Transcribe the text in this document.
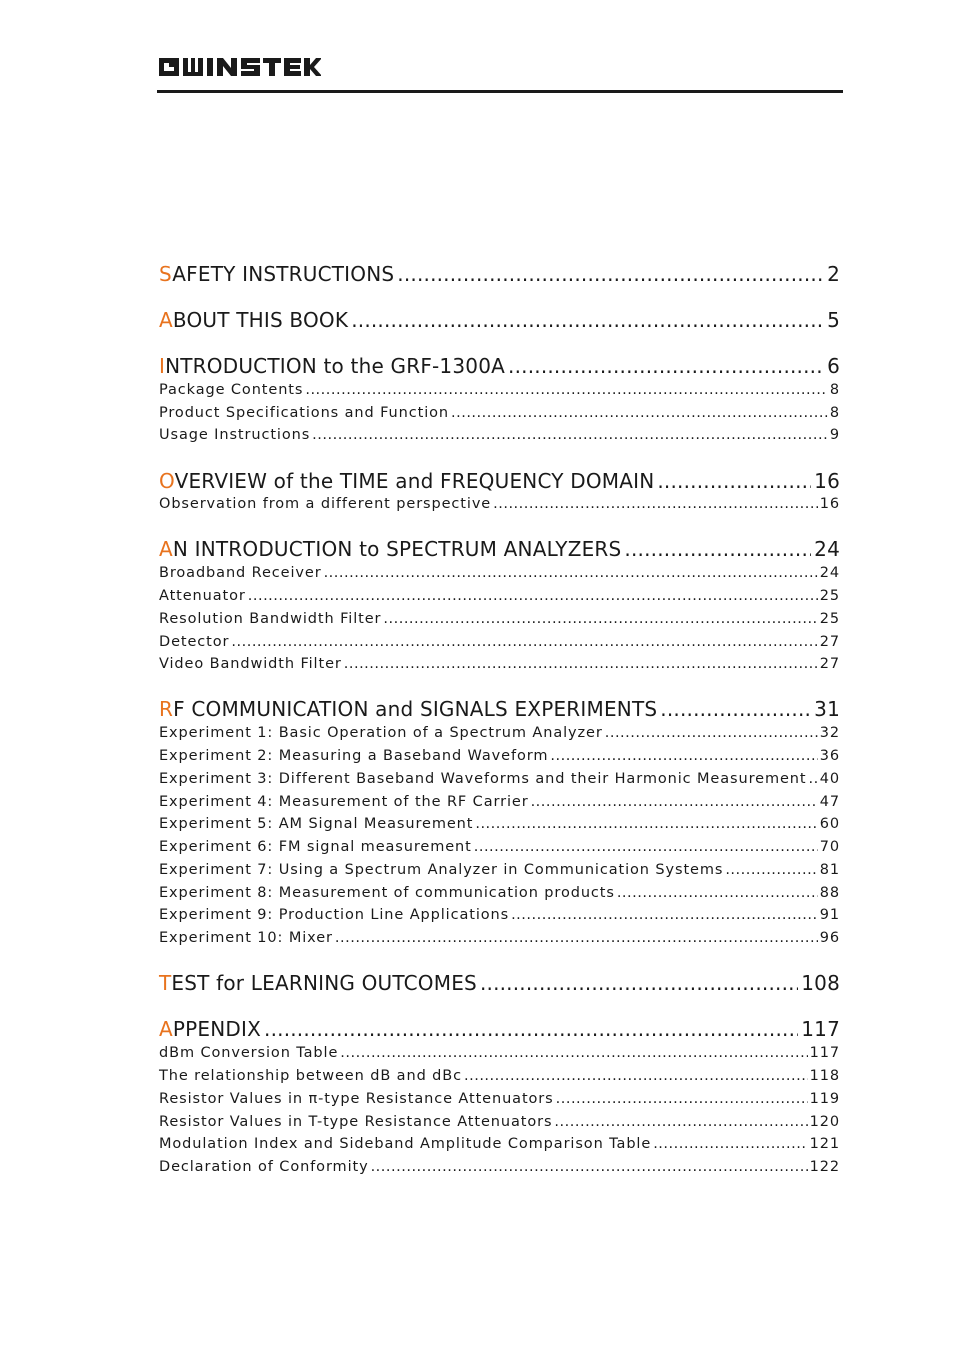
SAFETY INSTRUCTIONS .....	2
ABOUT THIS BOOK .....	5
INTRODUCTION to the GRF-1300A .....	6
Package Contents .....	8
Product Specifications and Function .....	8
Usage Instructions .....	9
OVERVIEW of the TIME and FREQUENCY DOMAIN .....	16
Observation from a different perspective .....	16
AN INTRODUCTION to SPECTRUM ANALYZERS .....	24
Broadband Receiver .....	24
Attenuator .....	25
Resolution Bandwidth Filter .....	25
Detector .....	27
Video Bandwidth Filter .....	27
RF COMMUNICATION and SIGNALS EXPERIMENTS .....	31
Experiment 1: Basic Operation of a Spectrum Analyzer .....	32
Experiment 2: Measuring a Baseband Waveform .....	36
Experiment 3: Different Baseband Waveforms and their Harmonic Measurement ..... 40
Experiment 4: Measurement of the RF Carrier .....	47
Experiment 5: AM Signal Measurement .....	60
Experiment 6: FM signal measurement .....	70
Experiment 7: Using a Spectrum Analyzer in Communication Systems .....	81
Experiment 8: Measurement of communication products .....	88
Experiment 9: Production Line Applications .....	91
Experiment 10: Mixer .....	96
TEST for LEARNING OUTCOMES .....	108
APPENDIX .....	117
dBm Conversion Table .....	117
The relationship between dB and dBc .....	118
Resistor Values in π-type Resistance Attenuators .....	119
Resistor Values in T-type Resistance Attenuators .....	120
Modulation Index and Sideband Amplitude Comparison Table .....	121
Declaration of Conformity .....	122
